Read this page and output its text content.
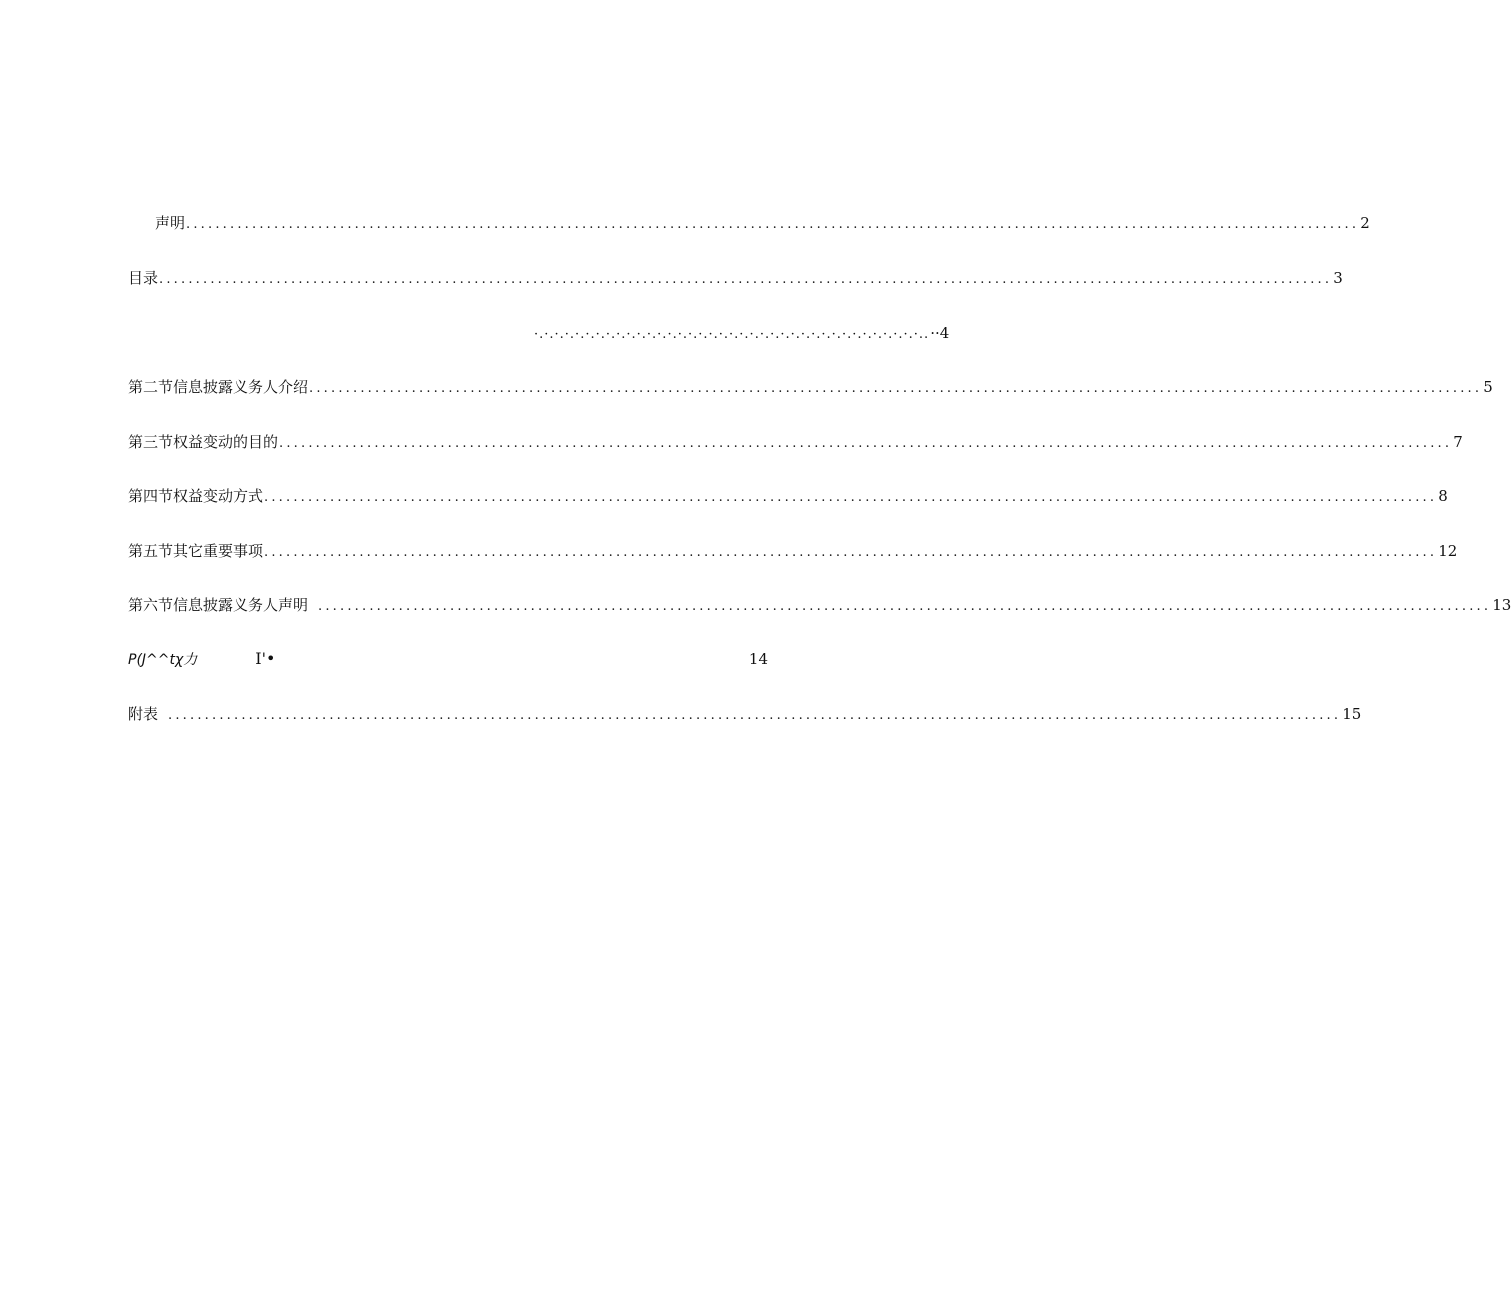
声明 ................................................................................................................................................................ 2
目录 ................................................................................................................................................................ 3
·.·.·.·.·.·.·.·.·.·.·.·.·.·.·.·.·.·.·.·.·.·.·.·.·.·.·.·.·.·.·.·.·.·.·.·.·.·.. ··4
第二节信息披露义务人介绍 ................................................................................................................................................................ 5
第三节权益变动的目的 ................................................................................................................................................................ 7
第四节权益变动方式 ................................................................................................................................................................ 8
第五节其它重要事项 ................................................................................................................................................................ 12
第六节信息披露义务人声明 ................................................................................................................................................................ 13
P(J^^tχ力	I'•	14
附表 ................................................................................................................................................................ 15
